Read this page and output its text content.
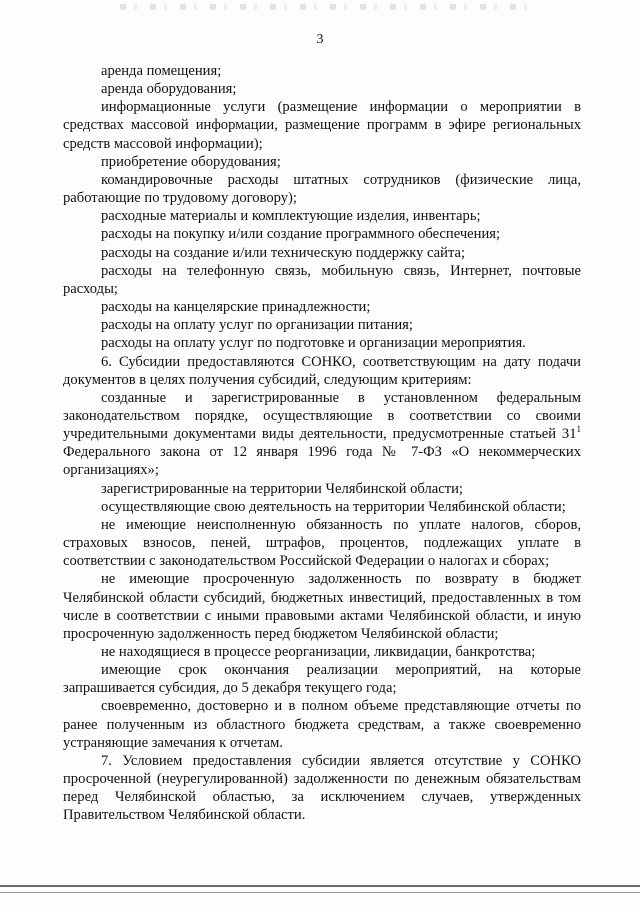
3

аренда помещения;

аренда оборудования;

информационные услуги (размещение информации о мероприятии в средствах массовой информации, размещение программ в эфире региональных средств массовой информации);

приобретение оборудования;

командировочные расходы штатных сотрудников (физические лица, работающие по трудовому договору);

расходные материалы и комплектующие изделия, инвентарь;

расходы на покупку и/или создание программного обеспечения;

расходы на создание и/или техническую поддержку сайта;

расходы на телефонную связь, мобильную связь, Интернет, почтовые расходы;

расходы на канцелярские принадлежности;

расходы на оплату услуг по организации питания;

расходы на оплату услуг по подготовке и организации мероприятия.

6. Субсидии предоставляются СОНКО, соответствующим на дату подачи документов в целях получения субсидий, следующим критериям:

созданные и зарегистрированные в установленном федеральным законодательством порядке, осуществляющие в соответствии со своими учредительными документами виды деятельности, предусмотренные статьей $31^1$ Федерального закона от 12 января 1996 года № 7-ФЗ «О некоммерческих организациях»;

зарегистрированные на территории Челябинской области;

осуществляющие свою деятельность на территории Челябинской области;

не имеющие неисполненную обязанность по уплате налогов, сборов, страховых взносов, пеней, штрафов, процентов, подлежащих уплате в соответствии с законодательством Российской Федерации о налогах и сборах;

не имеющие просроченную задолженность по возврату в бюджет Челябинской области субсидий, бюджетных инвестиций, предоставленных в том числе в соответствии с иными правовыми актами Челябинской области, и иную просроченную задолженность перед бюджетом Челябинской области;

не находящиеся в процессе реорганизации, ликвидации, банкротства;

имеющие срок окончания реализации мероприятий, на которые запрашивается субсидия, до 5 декабря текущего года;

своевременно, достоверно и в полном объеме представляющие отчеты по ранее полученным из областного бюджета средствам, а также своевременно устраняющие замечания к отчетам.

7. Условием предоставления субсидии является отсутствие у СОНКО просроченной (неурегулированной) задолженности по денежным обязательствам перед Челябинской областью, за исключением случаев, утвержденных Правительством Челябинской области.
